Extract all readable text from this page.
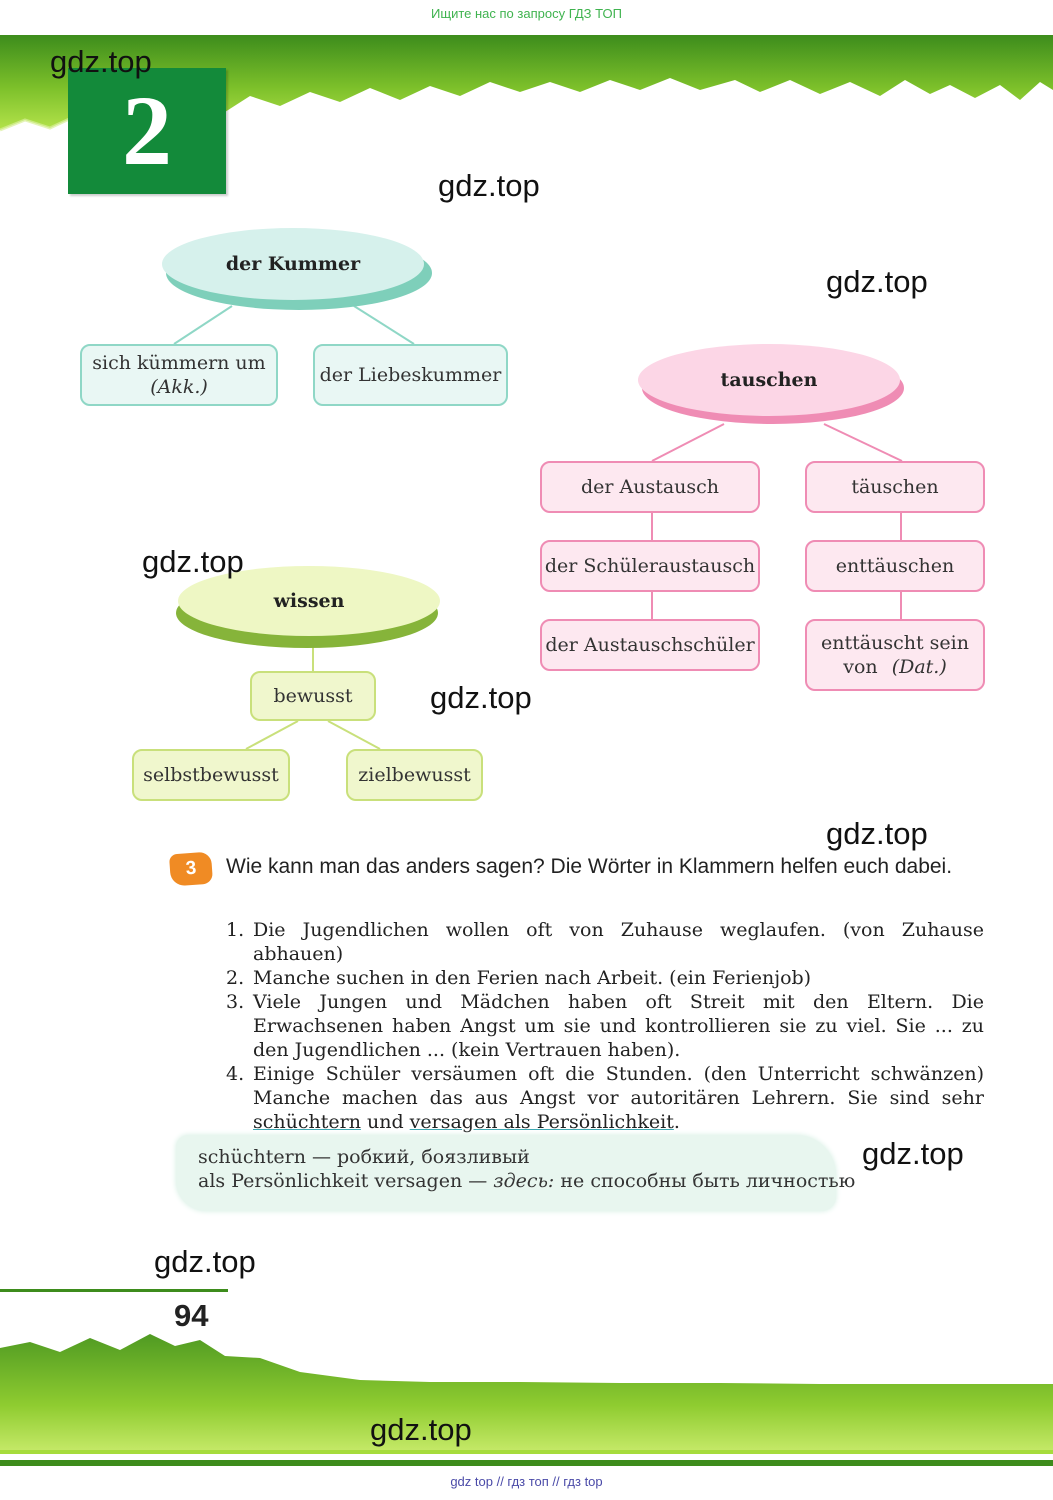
Ищите нас по запросу ГДЗ ТОП
2
der Kummer
sich kümmern um
(Akk.)
der Liebeskummer	tauschen
der Austausch
der Schüleraustausch
der Austauschschüler
täuschen
enttäuschen
enttäuscht sein
von (Dat.)
wissen
bewusst
selbstbewusst	zielbewusst
3	Wie kann man das anders sagen? Die Wörter in Klammern helfen euch dabei.
1. Die Jugendlichen wollen oft von Zuhause weglaufen. (von Zuhause abhauen)
2. Manche suchen in den Ferien nach Arbeit. (ein Ferienjob)
3. Viele Jungen und Mädchen haben oft Streit mit den Eltern. Die Erwachsenen haben Angst um sie und kontrollieren sie zu viel. Sie ... zu den Jugendlichen ... (kein Vertrauen haben).
4. Einige Schüler versäumen oft die Stunden. (den Unterricht schwänzen) Manche machen das aus Angst vor autoritären Lehrern. Sie sind sehr schüchtern und versagen als Persönlichkeit.
schüchtern — робкий, боязливый
als Persönlichkeit versagen — здесь: не способны быть личностью
94
gdz top // гдз топ // гдз top
gdz.top
gdz.top
gdz.top
gdz.top
gdz.top
gdz.top
gdz.top
gdz.top
gdz.top
